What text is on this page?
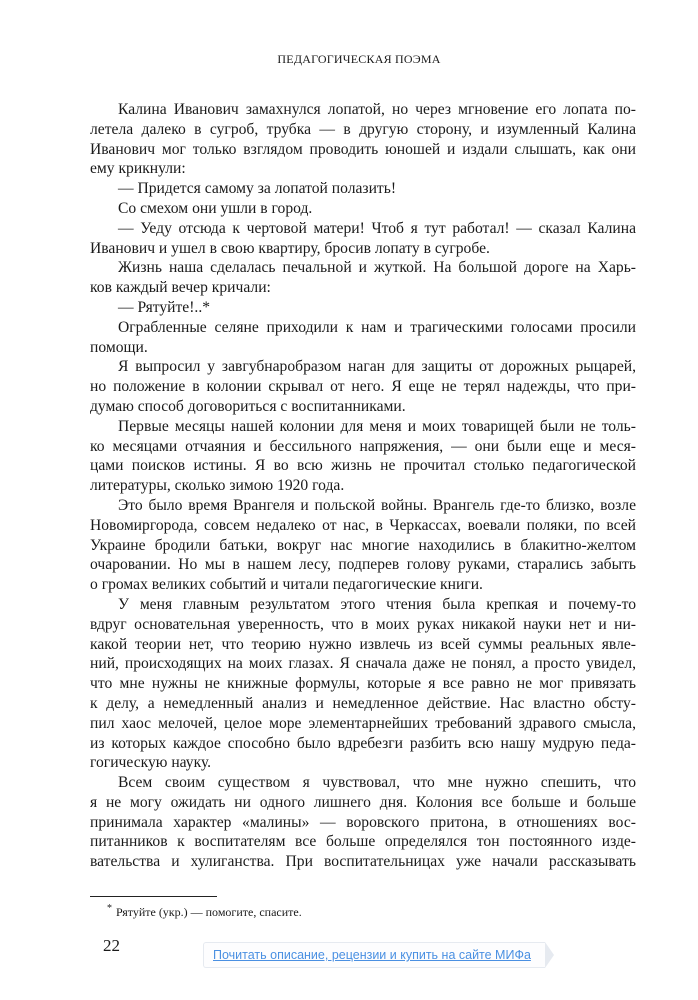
ПЕДАГОГИЧЕСКАЯ ПОЭМА
Калина Иванович замахнулся лопатой, но через мгновение его лопата по-
летела далеко в сугроб, трубка — в другую сторону, и изумленный Калина
Иванович мог только взглядом проводить юношей и издали слышать, как они
ему крикнули:
— Придется самому за лопатой полазить!
Со смехом они ушли в город.
— Уеду отсюда к чертовой матери! Чтоб я тут работал! — сказал Калина
Иванович и ушел в свою квартиру, бросив лопату в сугробе.
Жизнь наша сделалась печальной и жуткой. На большой дороге на Харь-
ков каждый вечер кричали:
— Рятуйте!..*
Ограбленные селяне приходили к нам и трагическими голосами просили
помощи.
Я выпросил у завгубнаробразом наган для защиты от дорожных рыцарей,
но положение в колонии скрывал от него. Я еще не терял надежды, что при-
думаю способ договориться с воспитанниками.
Первые месяцы нашей колонии для меня и моих товарищей были не толь-
ко месяцами отчаяния и бессильного напряжения, — они были еще и меся-
цами поисков истины. Я во всю жизнь не прочитал столько педагогической
литературы, сколько зимою 1920 года.
Это было время Врангеля и польской войны. Врангель где-то близко, возле
Новомиргорода, совсем недалеко от нас, в Черкассах, воевали поляки, по всей
Украине бродили батьки, вокруг нас многие находились в блакитно-желтом
очаровании. Но мы в нашем лесу, подперев голову руками, старались забыть
о громах великих событий и читали педагогические книги.
У меня главным результатом этого чтения была крепкая и почему-то
вдруг основательная уверенность, что в моих руках никакой науки нет и ни-
какой теории нет, что теорию нужно извлечь из всей суммы реальных явле-
ний, происходящих на моих глазах. Я сначала даже не понял, а просто увидел,
что мне нужны не книжные формулы, которые я все равно не мог привязать
к делу, а немедленный анализ и немедленное действие. Нас властно обсту-
пил хаос мелочей, целое море элементарнейших требований здравого смысла,
из которых каждое способно было вдребезги разбить всю нашу мудрую педа-
гогическую науку.
Всем своим существом я чувствовал, что мне нужно спешить, что
я не могу ожидать ни одного лишнего дня. Колония все больше и больше
принимала характер «малины» — воровского притона, в отношениях вос-
питанников к воспитателям все больше определялся тон постоянного изде-
вательства и хулиганства. При воспитательницах уже начали рассказывать
* Рятуйте (укр.) — помогите, спасите.
22	Почитать описание, рецензии и купить на сайте МИФа
